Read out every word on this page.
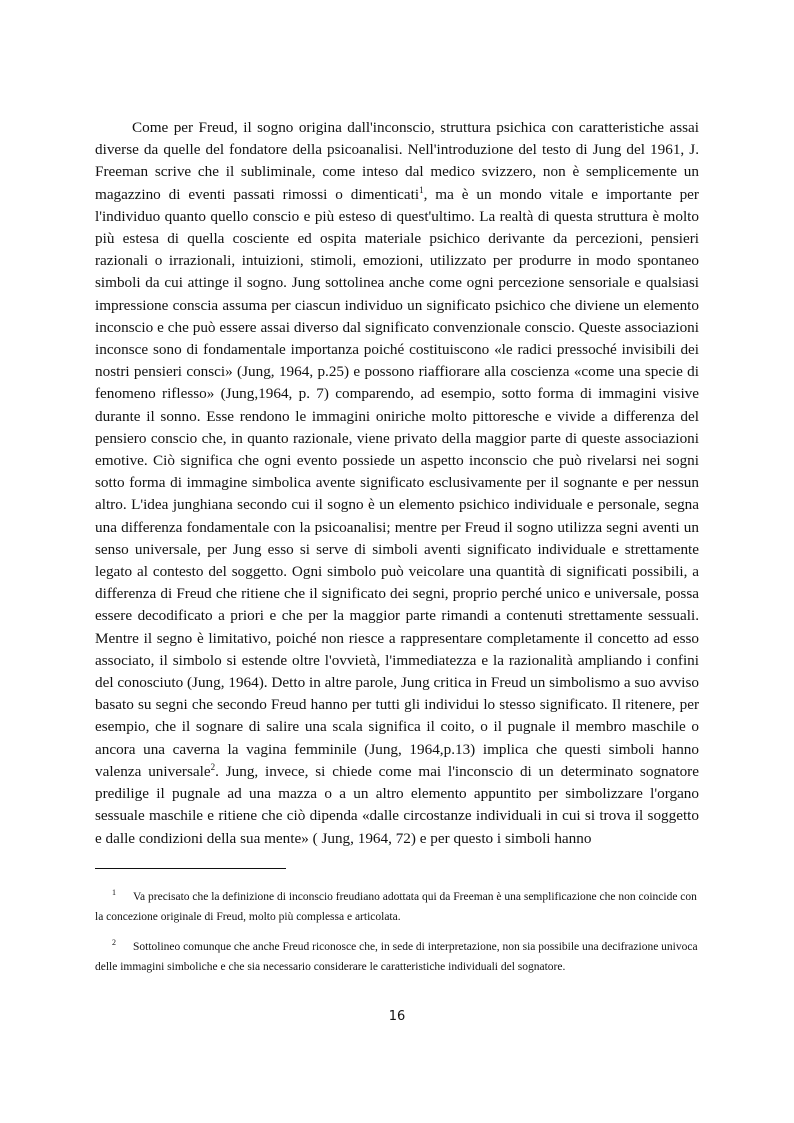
Come per Freud, il sogno origina dall'inconscio, struttura psichica con caratteristiche assai diverse da quelle del fondatore della psicoanalisi. Nell'introduzione del testo di Jung del 1961, J. Freeman scrive che il subliminale, come inteso dal medico svizzero, non è semplicemente un magazzino di eventi passati rimossi o dimenticati$^1$, ma è un mondo vitale e importante per l'individuo quanto quello conscio e più esteso di quest'ultimo. La realtà di questa struttura è molto più estesa di quella cosciente ed ospita materiale psichico derivante da percezioni, pensieri razionali o irrazionali, intuizioni, stimoli, emozioni, utilizzato per produrre in modo spontaneo simboli da cui attinge il sogno. Jung sottolinea anche come ogni percezione sensoriale e qualsiasi impressione conscia assuma per ciascun individuo un significato psichico che diviene un elemento inconscio e che può essere assai diverso dal significato convenzionale conscio. Queste associazioni inconsce sono di fondamentale importanza poiché costituiscono «le radici pressoché invisibili dei nostri pensieri consci» (Jung, 1964, p.25) e possono riaffiorare alla coscienza «come una specie di fenomeno riflesso» (Jung,1964, p. 7) comparendo, ad esempio, sotto forma di immagini visive durante il sonno. Esse rendono le immagini oniriche molto pittoresche e vivide a differenza del pensiero conscio che, in quanto razionale, viene privato della maggior parte di queste associazioni emotive. Ciò significa che ogni evento possiede un aspetto inconscio che può rivelarsi nei sogni sotto forma di immagine simbolica avente significato esclusivamente per il sognante e per nessun altro. L'idea junghiana secondo cui il sogno è un elemento psichico individuale e personale, segna una differenza fondamentale con la psicoanalisi; mentre per Freud il sogno utilizza segni aventi un senso universale, per Jung esso si serve di simboli aventi significato individuale e strettamente legato al contesto del soggetto. Ogni simbolo può veicolare una quantità di significati possibili, a differenza di Freud che ritiene che il significato dei segni, proprio perché unico e universale, possa essere decodificato a priori e che per la maggior parte rimandi a contenuti strettamente sessuali. Mentre il segno è limitativo, poiché non riesce a rappresentare completamente il concetto ad esso associato, il simbolo si estende oltre l'ovvietà, l'immediatezza e la razionalità ampliando i confini del conosciuto (Jung, 1964). Detto in altre parole, Jung critica in Freud un simbolismo a suo avviso basato su segni che secondo Freud hanno per tutti gli individui lo stesso significato. Il ritenere, per esempio, che il sognare di salire una scala significa il coito, o il pugnale il membro maschile o ancora una caverna la vagina femminile (Jung, 1964,p.13) implica che questi simboli hanno valenza universale$^2$. Jung, invece, si chiede come mai l'inconscio di un determinato sognatore predilige il pugnale ad una mazza o a un altro elemento appuntito per simbolizzare l'organo sessuale maschile e ritiene che ciò dipenda «dalle circostanze individuali in cui si trova il soggetto e dalle condizioni della sua mente» ( Jung, 1964, 72) e per questo i simboli hanno

1 Va precisato che la definizione di inconscio freudiano adottata qui da Freeman è una semplificazione che non coincide con la concezione originale di Freud, molto più complessa e articolata.

2 Sottolineo comunque che anche Freud riconosce che, in sede di interpretazione, non sia possibile una decifrazione univoca delle immagini simboliche e che sia necessario considerare le caratteristiche individuali del sognatore.

16
